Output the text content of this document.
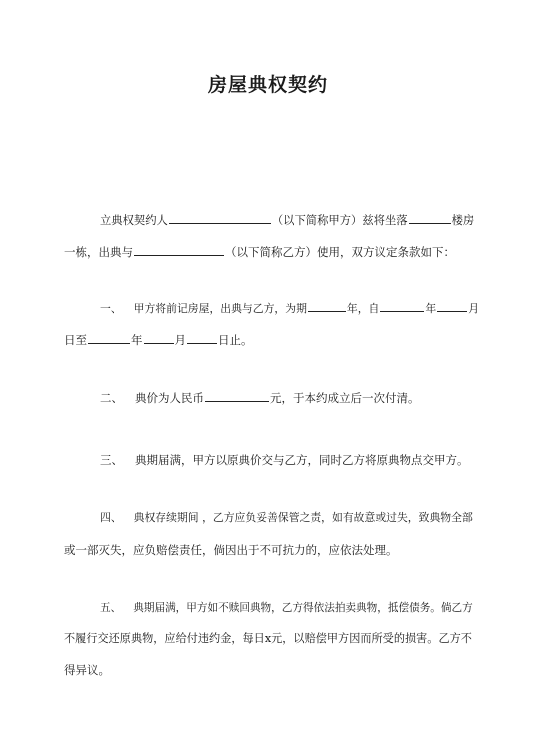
房屋典权契约
立典权契约人	（以下简称甲方）兹将坐落	楼房
一栋，出典与	（以下简称乙方）使用，双方议定条款如下：
一、 甲方将前记房屋，出典与乙方，为期	年，自	年	月
日至	年	月	日止。
二、 典价为人民币	元，于本约成立后一次付清。
三、 典期届满，甲方以原典价交与乙方，同时乙方将原典物点交甲方。
四、 典权存续期间 ，乙方应负妥善保管之责，如有故意或过失，致典物全部
或一部灭失，应负赔偿责任，倘因出于不可抗力的，应依法处理。
五、 典期届满，甲方如不赎回典物，乙方得依法拍卖典物，抵偿债务。倘乙方
不履行交还原典物，应给付违约金，每日x元，以赔偿甲方因而所受的损害。乙方不
得异议。
